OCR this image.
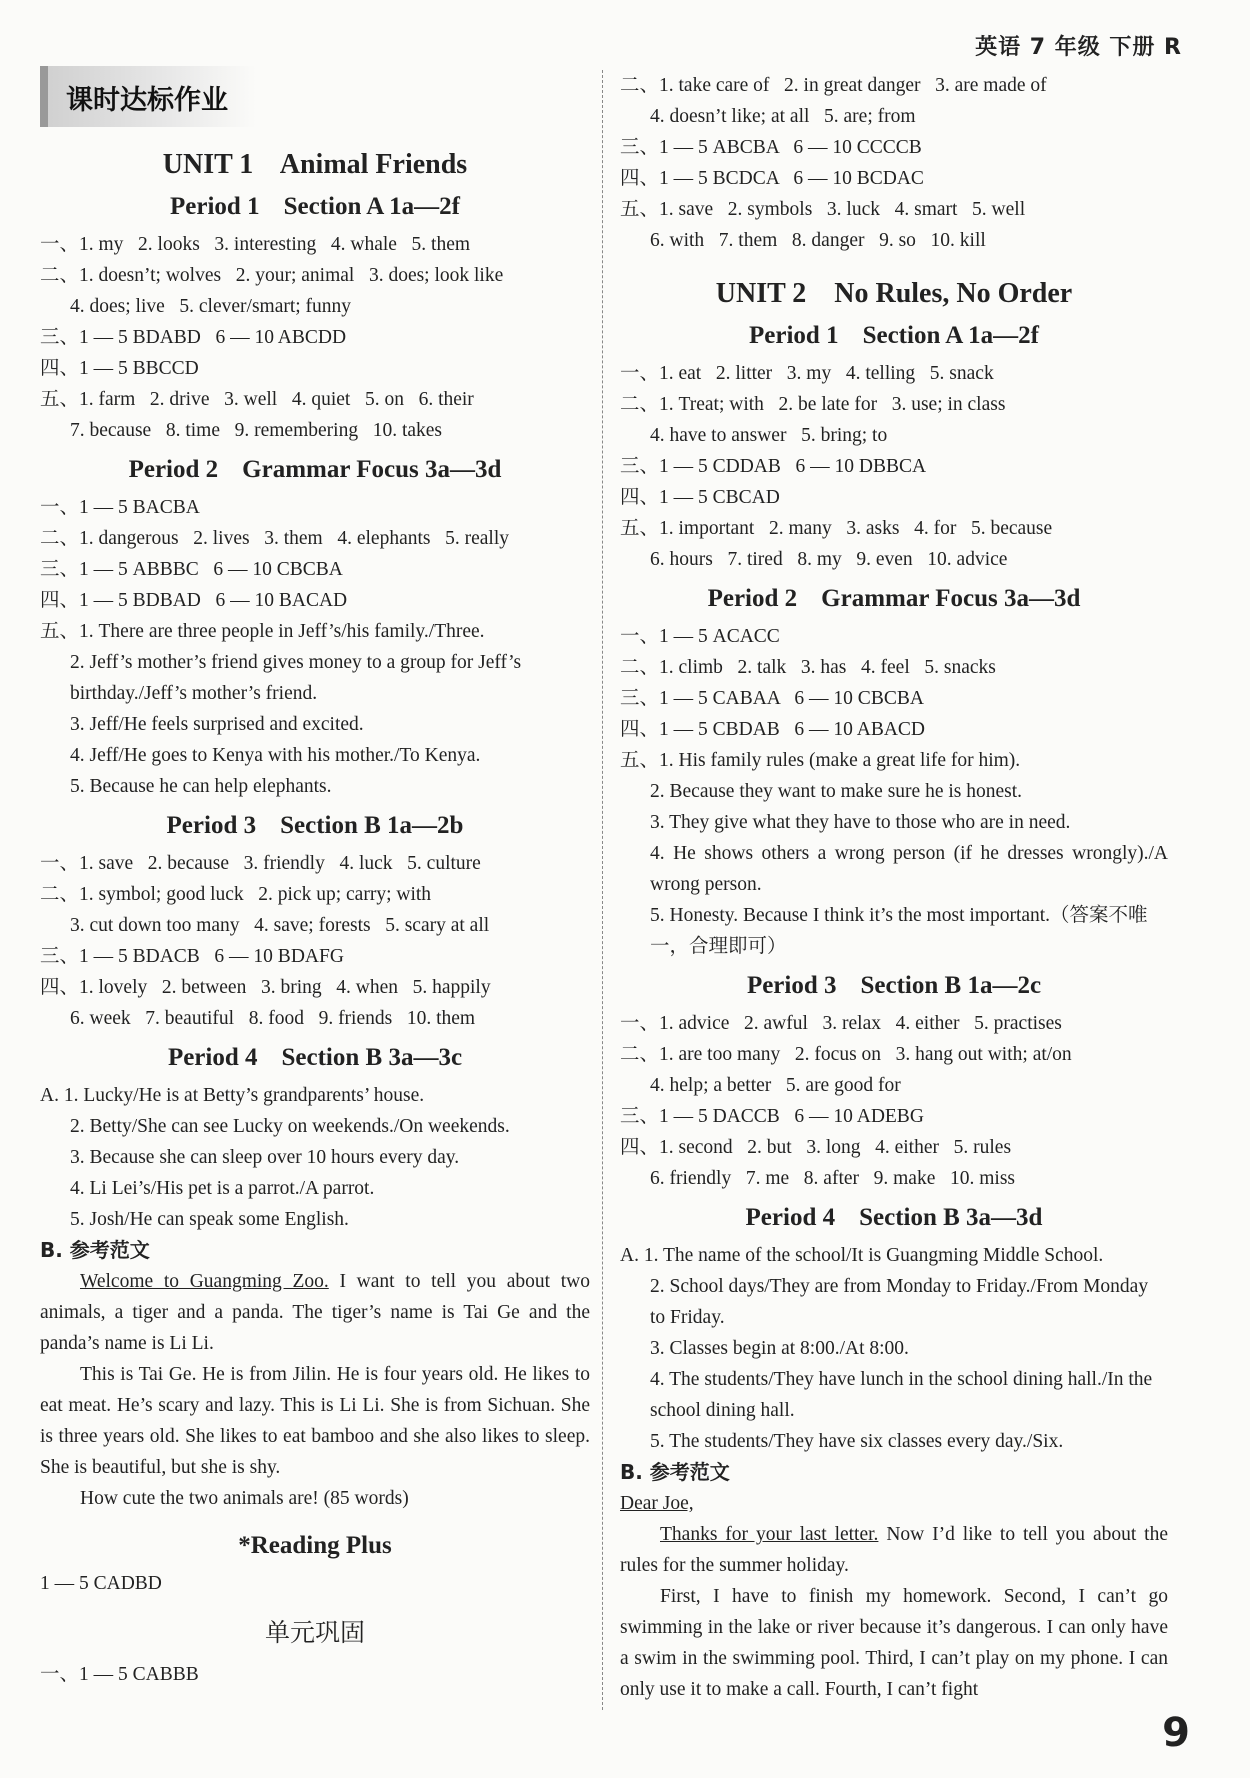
英语 7 年级 下册 R
课时达标作业
UNIT 1    Animal Friends
Period 1 Section A 1a—2f
一、1. my   2. looks   3. interesting   4. whale   5. them
二、1. doesn’t; wolves   2. your; animal   3. does; look like
4. does; live   5. clever/smart; funny
三、1 — 5 BDABD   6 — 10 ABCDD
四、1 — 5 BBCCD
五、1. farm   2. drive   3. well   4. quiet   5. on   6. their
7. because   8. time   9. remembering   10. takes
Period 2 Grammar Focus 3a—3d
一、1 — 5 BACBA
二、1. dangerous   2. lives   3. them   4. elephants   5. really
三、1 — 5 ABBBC   6 — 10 CBCBA
四、1 — 5 BDBAD   6 — 10 BACAD
五、1. There are three people in Jeff’s/his family./Three.
2. Jeff’s mother’s friend gives money to a group for Jeff’s birthday./Jeff’s mother’s friend.
3. Jeff/He feels surprised and excited.
4. Jeff/He goes to Kenya with his mother./To Kenya.
5. Because he can help elephants.
Period 3 Section B 1a—2b
一、1. save   2. because   3. friendly   4. luck   5. culture
二、1. symbol; good luck   2. pick up; carry; with
3. cut down too many   4. save; forests   5. scary at all
三、1 — 5 BDACB   6 — 10 BDAFG
四、1. lovely   2. between   3. bring   4. when   5. happily
6. week   7. beautiful   8. food   9. friends   10. them
Period 4 Section B 3a—3c
A. 1. Lucky/He is at Betty’s grandparents’ house.
2. Betty/She can see Lucky on weekends./On weekends.
3. Because she can sleep over 10 hours every day.
4. Li Lei’s/His pet is a parrot./A parrot.
5. Josh/He can speak some English.
B. 参考范文

Welcome to Guangming Zoo. I want to tell you about two animals, a tiger and a panda. The tiger’s name is Tai Ge and the panda’s name is Li Li.

This is Tai Ge. He is from Jilin. He is four years old. He likes to eat meat. He’s scary and lazy. This is Li Li. She is from Sichuan. She is three years old. She likes to eat bamboo and she also likes to sleep. She is beautiful, but she is shy.

How cute the two animals are! (85 words)

*Reading Plus
1 — 5 CADBD
单元巩固
一、1 — 5 CABBB
二、1. take care of   2. in great danger   3. are made of
4. doesn’t like; at all   5. are; from
三、1 — 5 ABCBA   6 — 10 CCCCB
四、1 — 5 BCDCA   6 — 10 BCDAC
五、1. save   2. symbols   3. luck   4. smart   5. well
6. with   7. them   8. danger   9. so   10. kill
UNIT 2    No Rules, No Order
Period 1 Section A 1a—2f
一、1. eat   2. litter   3. my   4. telling   5. snack
二、1. Treat; with   2. be late for   3. use; in class
4. have to answer   5. bring; to
三、1 — 5 CDDAB   6 — 10 DBBCA
四、1 — 5 CBCAD
五、1. important   2. many   3. asks   4. for   5. because
6. hours   7. tired   8. my   9. even   10. advice
Period 2 Grammar Focus 3a—3d
一、1 — 5 ACACC
二、1. climb   2. talk   3. has   4. feel   5. snacks
三、1 — 5 CABAA   6 — 10 CBCBA
四、1 — 5 CBDAB   6 — 10 ABACD
五、1. His family rules (make a great life for him).
2. Because they want to make sure he is honest.
3. They give what they have to those who are in need.
4. He shows others a wrong person (if he dresses wrongly)./A wrong person.
5. Honesty. Because I think it’s the most important.（答案不唯一，合理即可）
Period 3 Section B 1a—2c
一、1. advice   2. awful   3. relax   4. either   5. practises
二、1. are too many   2. focus on   3. hang out with; at/on
4. help; a better   5. are good for
三、1 — 5 DACCB   6 — 10 ADEBG
四、1. second   2. but   3. long   4. either   5. rules
6. friendly   7. me   8. after   9. make   10. miss
Period 4 Section B 3a—3d
A. 1. The name of the school/It is Guangming Middle School.
2. School days/They are from Monday to Friday./From Monday to Friday.
3. Classes begin at 8:00./At 8:00.
4. The students/They have lunch in the school dining hall./In the school dining hall.
5. The students/They have six classes every day./Six.
B. 参考范文
Dear Joe,

Thanks for your last letter. Now I’d like to tell you about the rules for the summer holiday.

First, I have to finish my homework. Second, I can’t go swimming in the lake or river because it’s dangerous. I can only have a swim in the swimming pool. Third, I can’t play on my phone. I can only use it to make a call. Fourth, I can’t fight

9
